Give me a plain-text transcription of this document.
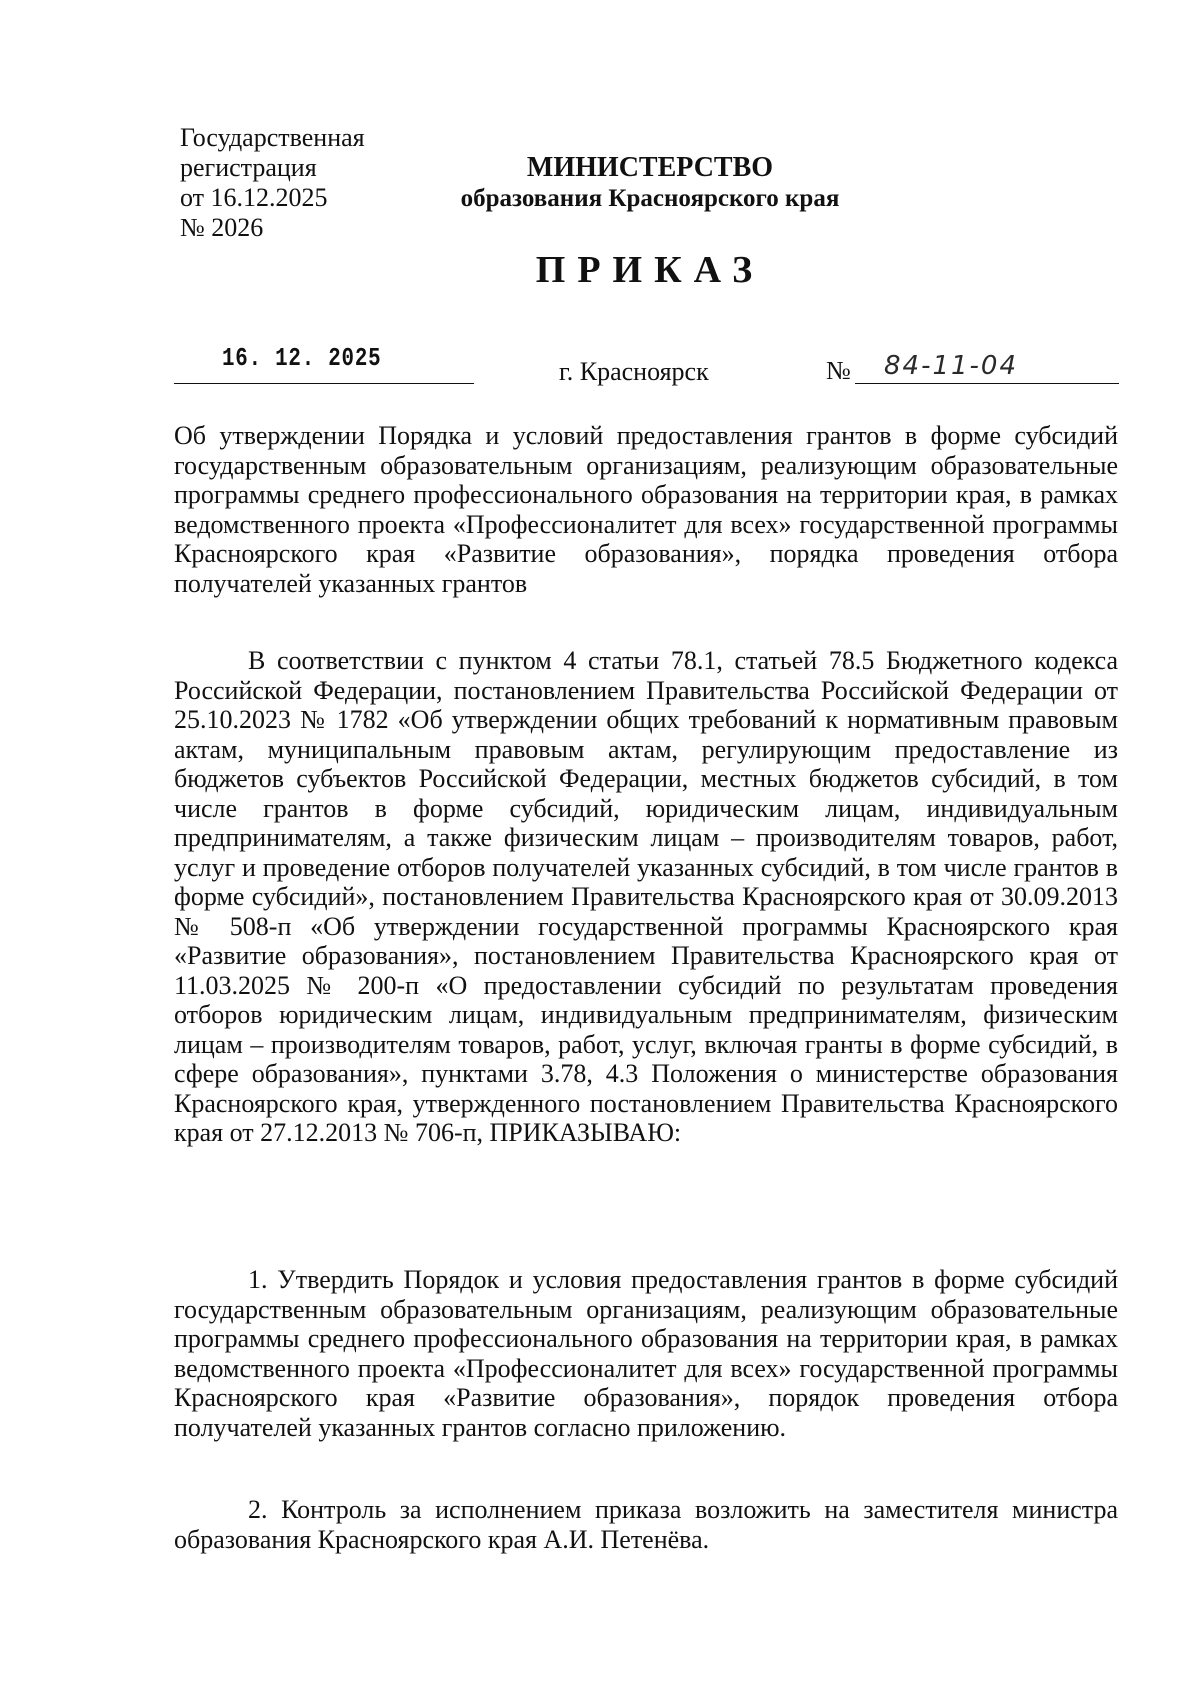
Государственная
регистрация
от 16.12.2025
№ 2026
МИНИСТЕРСТВО
образования Красноярского края
ПРИКАЗ
16. 12. 2025	г. Красноярск	№ 84-11-04
Об утверждении Порядка и условий предоставления грантов в форме субсидий государственным образовательным организациям, реализующим образовательные программы среднего профессионального образования на территории края, в рамках ведомственного проекта «Профессионалитет для всех» государственной программы Красноярского края «Развитие образования», порядка проведения отбора получателей указанных грантов
В соответствии с пунктом 4 статьи 78.1, статьей 78.5 Бюджетного кодекса Российской Федерации, постановлением Правительства Российской Федерации от 25.10.2023 № 1782 «Об утверждении общих требований к нормативным правовым актам, муниципальным правовым актам, регулирующим предоставление из бюджетов субъектов Российской Федерации, местных бюджетов субсидий, в том числе грантов в форме субсидий, юридическим лицам, индивидуальным предпринимателям, а также физическим лицам – производителям товаров, работ, услуг и проведение отборов получателей указанных субсидий, в том числе грантов в форме субсидий», постановлением Правительства Красноярского края от 30.09.2013 № 508-п «Об утверждении государственной программы Красноярского края «Развитие образования», постановлением Правительства Красноярского края от 11.03.2025 № 200-п «О предоставлении субсидий по результатам проведения отборов юридическим лицам, индивидуальным предпринимателям, физическим лицам – производителям товаров, работ, услуг, включая гранты в форме субсидий, в сфере образования», пунктами 3.78, 4.3 Положения о министерстве образования Красноярского края, утвержденного постановлением Правительства Красноярского края от 27.12.2013 № 706-п, ПРИКАЗЫВАЮ:
1. Утвердить Порядок и условия предоставления грантов в форме субсидий государственным образовательным организациям, реализующим образовательные программы среднего профессионального образования на территории края, в рамках ведомственного проекта «Профессионалитет для всех» государственной программы Красноярского края «Развитие образования», порядок проведения отбора получателей указанных грантов согласно приложению.
2. Контроль за исполнением приказа возложить на заместителя министра образования Красноярского края А.И. Петенёва.
